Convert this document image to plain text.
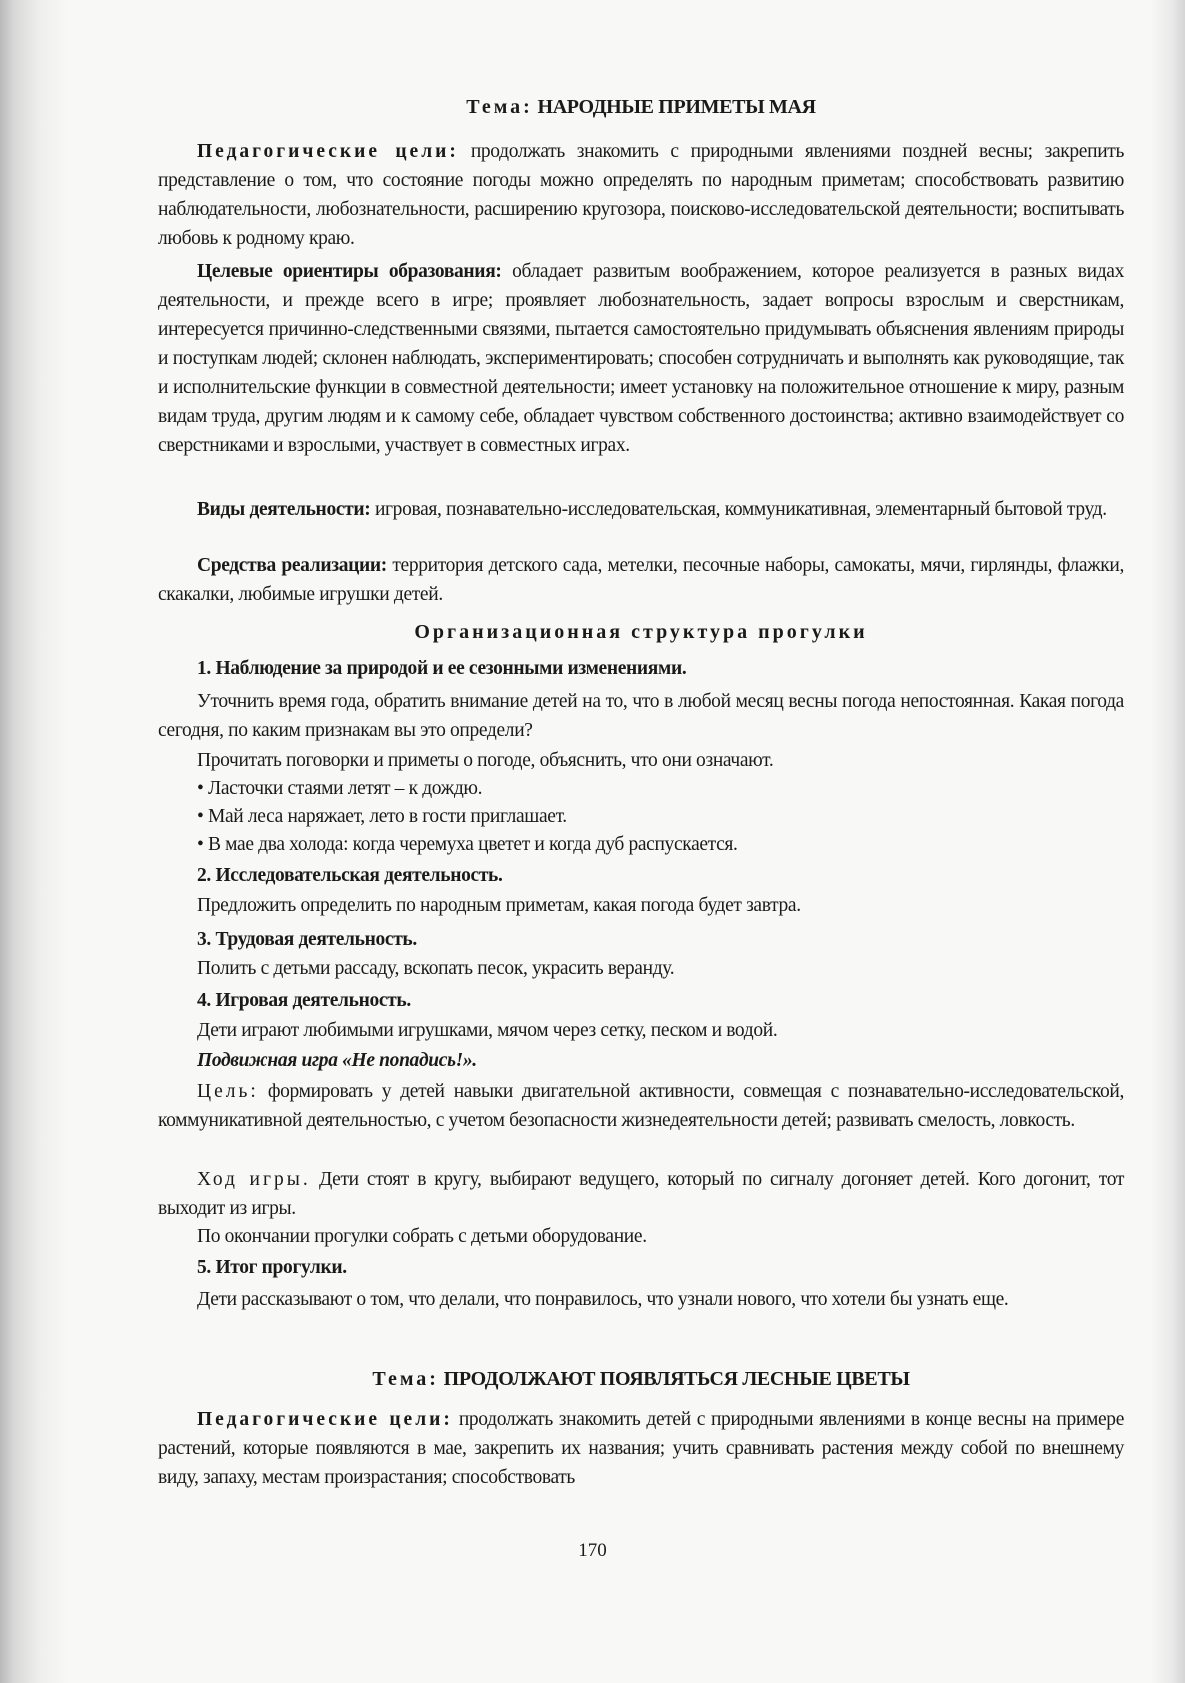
Тема: НАРОДНЫЕ ПРИМЕТЫ МАЯ
Педагогические цели: продолжать знакомить с природными явлениями поздней весны; закрепить представление о том, что состояние погоды можно определять по народным приметам; способствовать развитию наблюдательности, любознательности, расширению кругозора, поисково-исследовательской деятельности; воспитывать любовь к родному краю.
Целевые ориентиры образования: обладает развитым воображением, которое реализуется в разных видах деятельности, и прежде всего в игре; проявляет любознательность, задает вопросы взрослым и сверстникам, интересуется причинно-следственными связями, пытается самостоятельно придумывать объяснения явлениям природы и поступкам людей; склонен наблюдать, экспериментировать; способен сотрудничать и выполнять как руководящие, так и исполнительские функции в совместной деятельности; имеет установку на положительное отношение к миру, разным видам труда, другим людям и к самому себе, обладает чувством собственного достоинства; активно взаимодействует со сверстниками и взрослыми, участвует в совместных играх.
Виды деятельности: игровая, познавательно-исследовательская, коммуникативная, элементарный бытовой труд.
Средства реализации: территория детского сада, метелки, песочные наборы, самокаты, мячи, гирлянды, флажки, скакалки, любимые игрушки детей.
Организационная структура прогулки
1. Наблюдение за природой и ее сезонными изменениями.
Уточнить время года, обратить внимание детей на то, что в любой месяц весны погода непостоянная. Какая погода сегодня, по каким признакам вы это определи?
Прочитать поговорки и приметы о погоде, объяснить, что они означают.
• Ласточки стаями летят – к дождю.
• Май леса наряжает, лето в гости приглашает.
• В мае два холода: когда черемуха цветет и когда дуб распускается.
2. Исследовательская деятельность.
Предложить определить по народным приметам, какая погода будет завтра.
3. Трудовая деятельность.
Полить с детьми рассаду, вскопать песок, украсить веранду.
4. Игровая деятельность.
Дети играют любимыми игрушками, мячом через сетку, песком и водой.
Подвижная игра «Не попадись!».
Цель: формировать у детей навыки двигательной активности, совмещая с познавательно-исследовательской, коммуникативной деятельностью, с учетом безопасности жизнедеятельности детей; развивать смелость, ловкость.
Ход игры. Дети стоят в кругу, выбирают ведущего, который по сигналу догоняет детей. Кого догонит, тот выходит из игры.
По окончании прогулки собрать с детьми оборудование.
5. Итог прогулки.
Дети рассказывают о том, что делали, что понравилось, что узнали нового, что хотели бы узнать еще.
Тема: ПРОДОЛЖАЮТ ПОЯВЛЯТЬСЯ ЛЕСНЫЕ ЦВЕТЫ
Педагогические цели: продолжать знакомить детей с природными явлениями в конце весны на примере растений, которые появляются в мае, закрепить их названия; учить сравнивать растения между собой по внешнему виду, запаху, местам произрастания; способствовать
170
